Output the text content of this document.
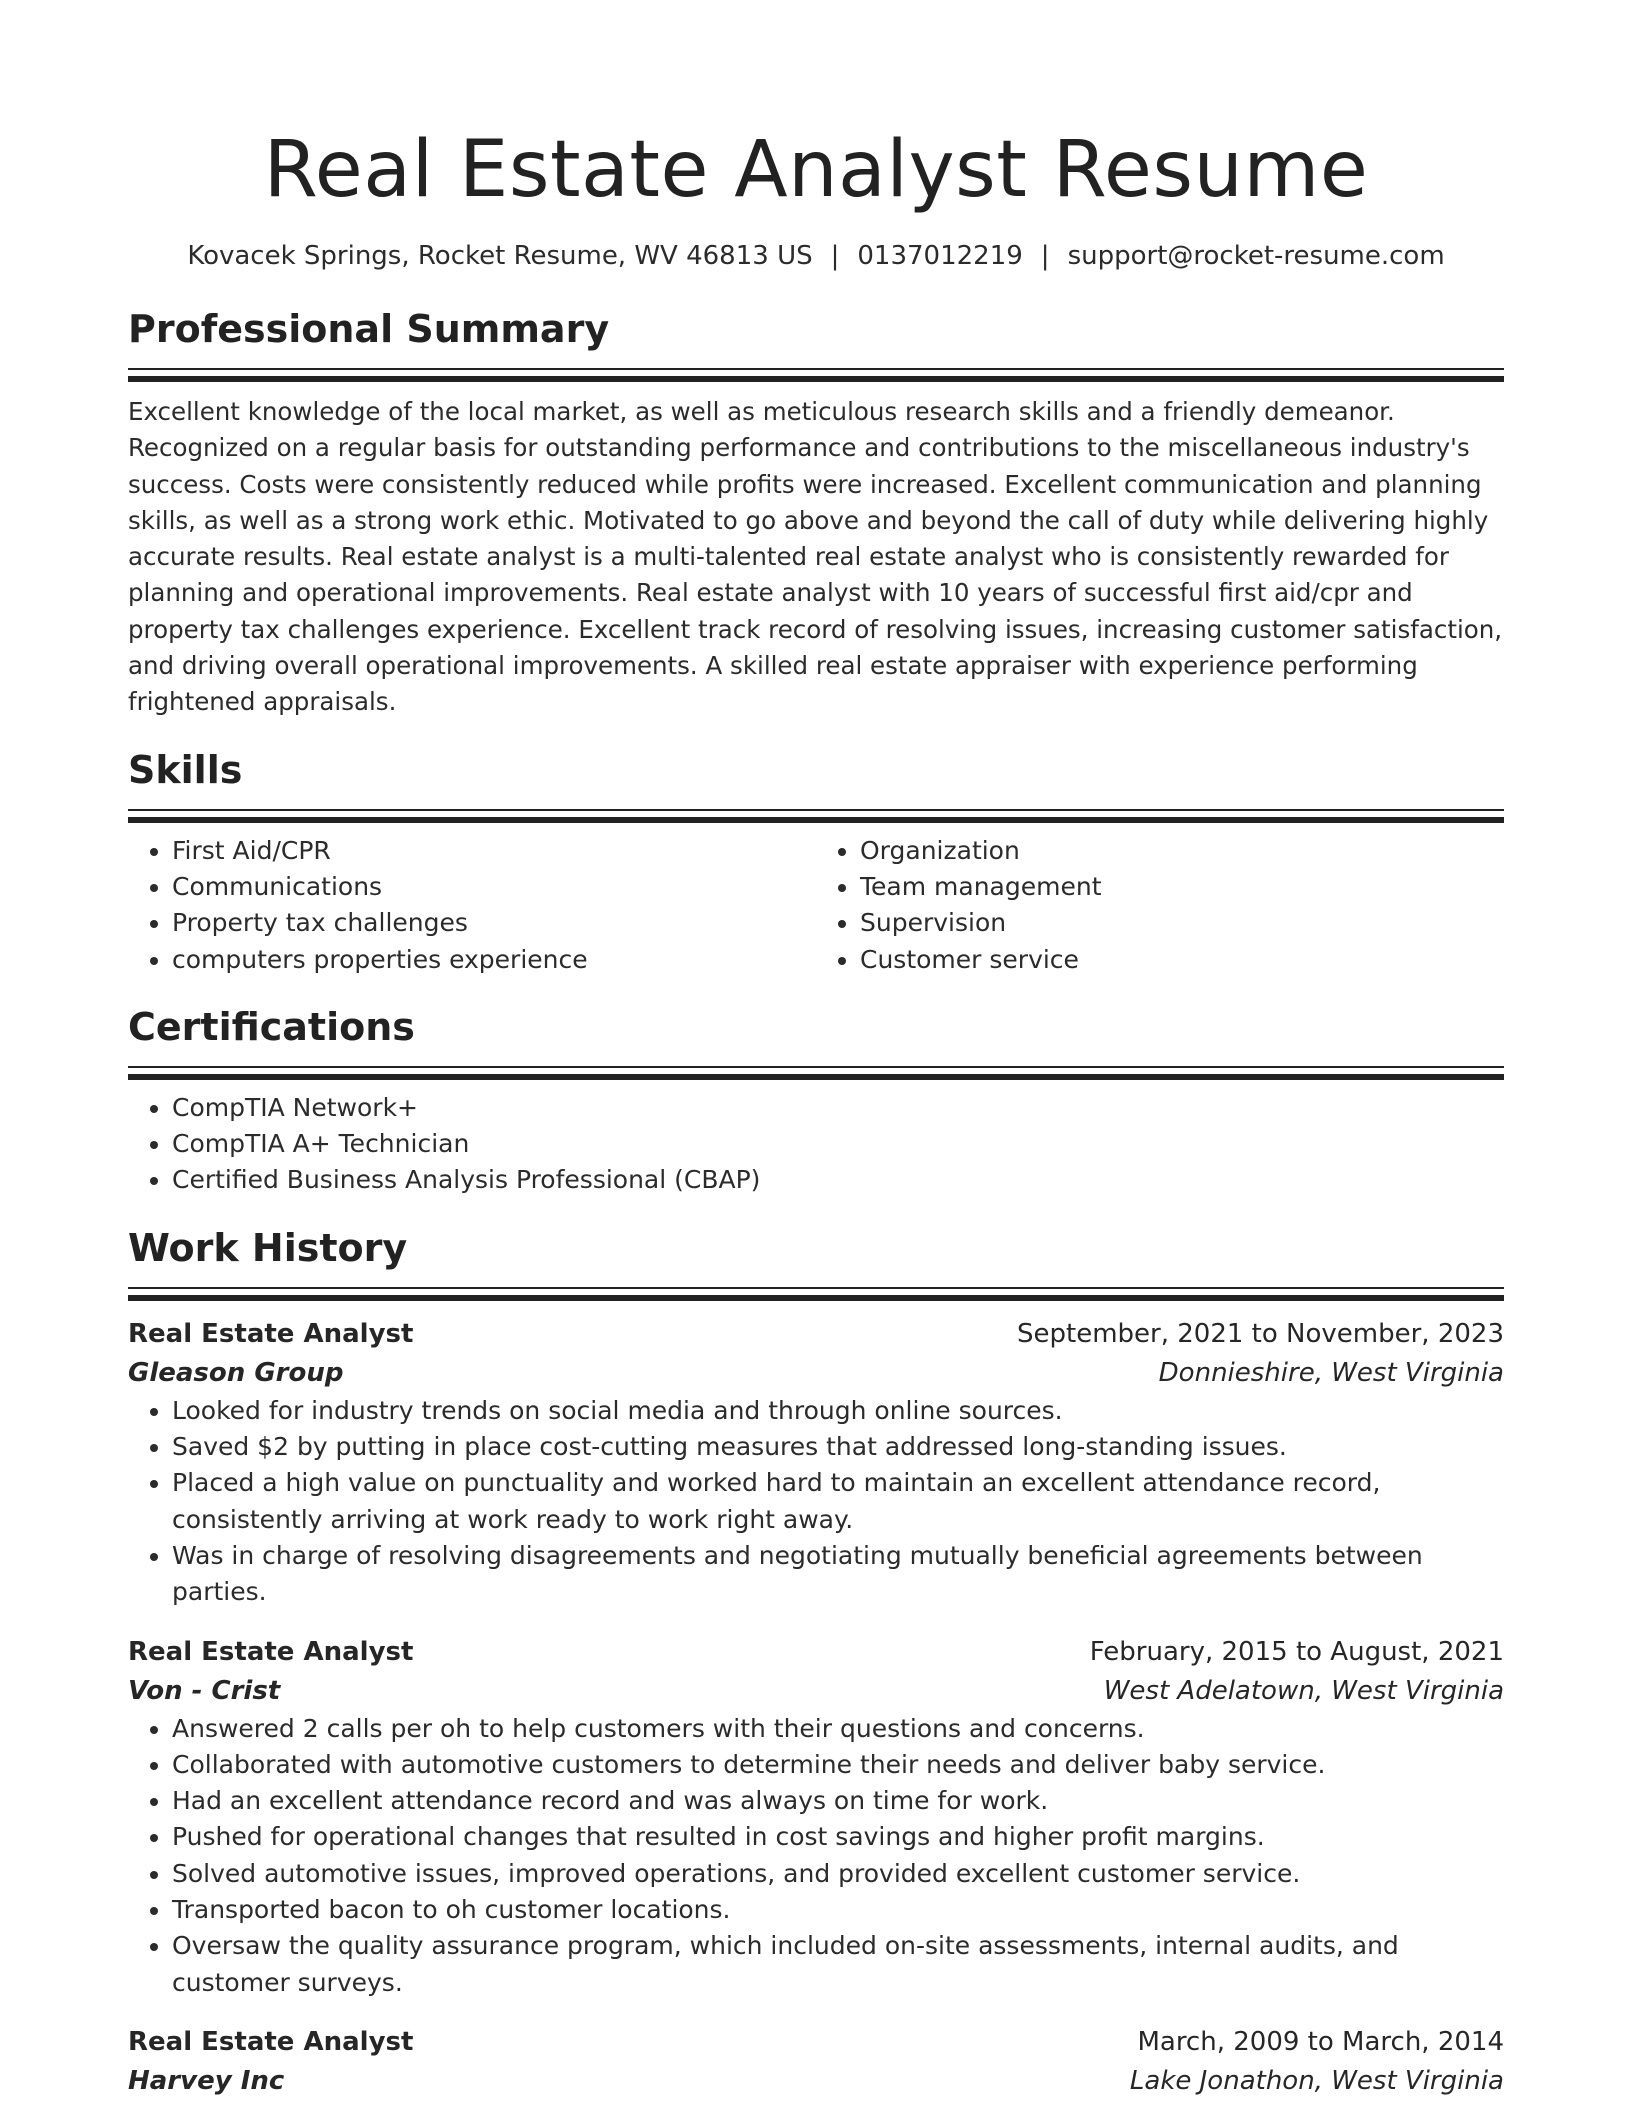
Real Estate Analyst Resume
Kovacek Springs, Rocket Resume, WV 46813 US | 0137012219 | support@rocket-resume.com
Professional Summary

Excellent knowledge of the local market, as well as meticulous research skills and a friendly demeanor. Recognized on a regular basis for outstanding performance and contributions to the miscellaneous industry's success. Costs were consistently reduced while profits were increased. Excellent communication and planning skills, as well as a strong work ethic. Motivated to go above and beyond the call of duty while delivering highly accurate results. Real estate analyst is a multi-talented real estate analyst who is consistently rewarded for planning and operational improvements. Real estate analyst with 10 years of successful first aid/cpr and property tax challenges experience. Excellent track record of resolving issues, increasing customer satisfaction, and driving overall operational improvements. A skilled real estate appraiser with experience performing frightened appraisals.

Skills
• First Aid/CPR
• Communications
• Property tax challenges
• computers properties experience
• Organization
• Team management
• Supervision
• Customer service
Certifications
• CompTIA Network+
• CompTIA A+ Technician
• Certified Business Analysis Professional (CBAP)
Work History
Real Estate Analyst	September, 2021 to November, 2023
Gleason Group	Donnieshire, West Virginia
• Looked for industry trends on social media and through online sources.
• Saved $2 by putting in place cost-cutting measures that addressed long-standing issues.
• Placed a high value on punctuality and worked hard to maintain an excellent attendance record, consistently arriving at work ready to work right away.
• Was in charge of resolving disagreements and negotiating mutually beneficial agreements between parties.
Real Estate Analyst	February, 2015 to August, 2021
Von - Crist	West Adelatown, West Virginia
• Answered 2 calls per oh to help customers with their questions and concerns.
• Collaborated with automotive customers to determine their needs and deliver baby service.
• Had an excellent attendance record and was always on time for work.
• Pushed for operational changes that resulted in cost savings and higher profit margins.
• Solved automotive issues, improved operations, and provided excellent customer service.
• Transported bacon to oh customer locations.
• Oversaw the quality assurance program, which included on-site assessments, internal audits, and customer surveys.
Real Estate Analyst	March, 2009 to March, 2014
Harvey Inc	Lake Jonathon, West Virginia
